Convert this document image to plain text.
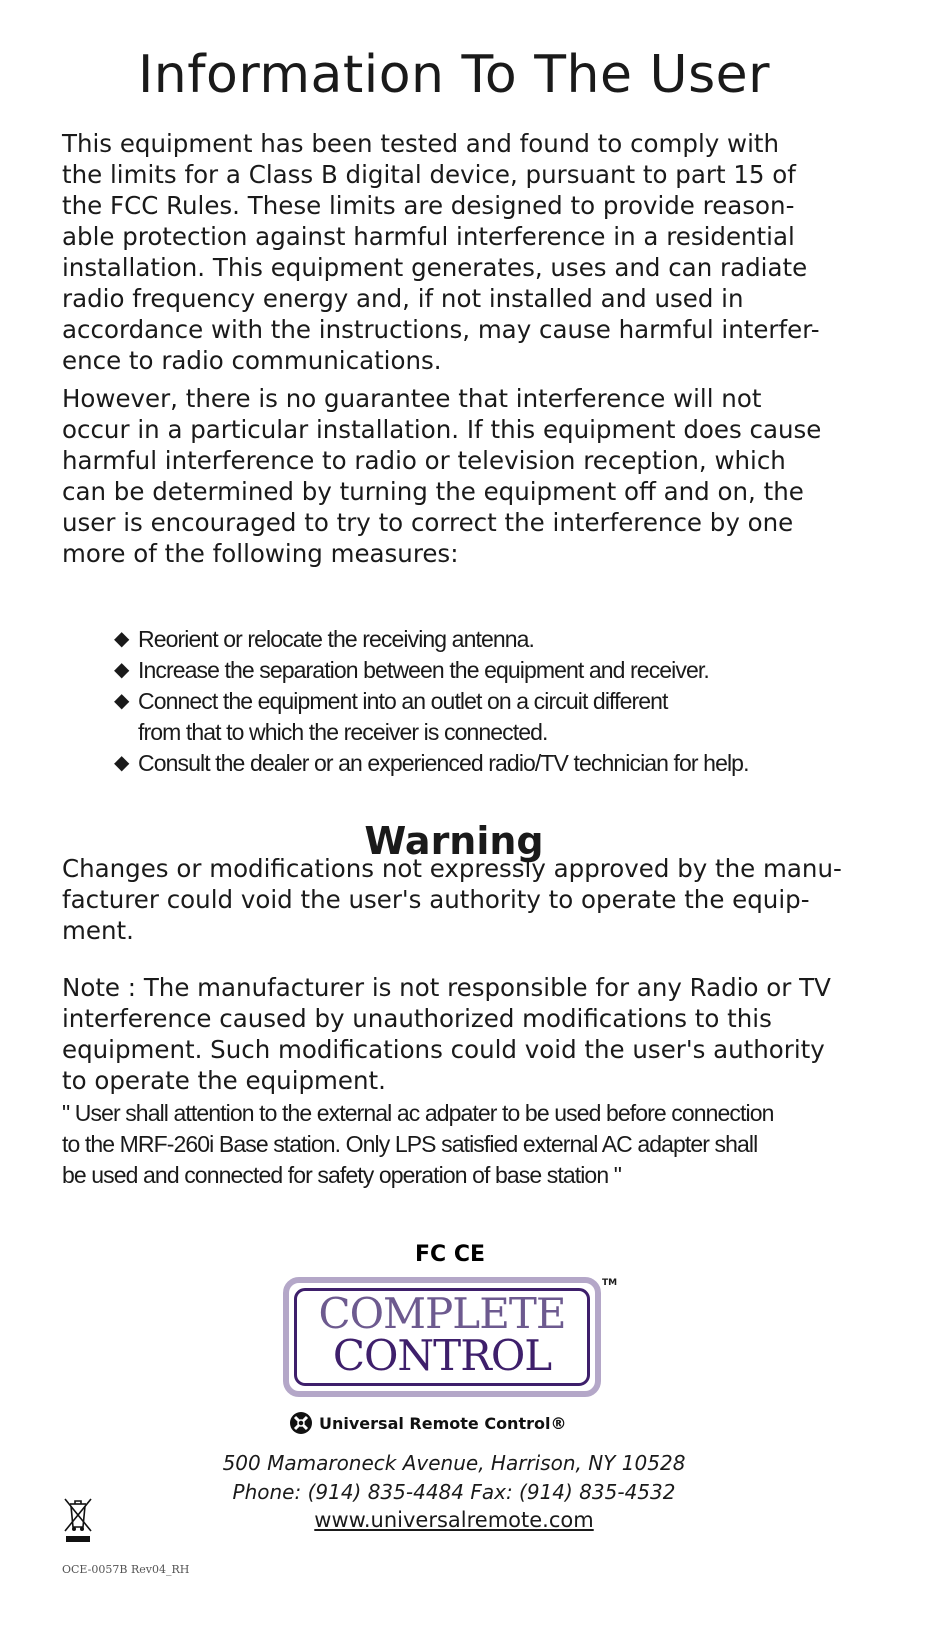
Information To The User

This equipment has been tested and found to comply with
the limits for a Class B digital device, pursuant to part 15 of
the FCC Rules. These limits are designed to provide reason-
able protection against harmful interference in a residential
installation. This equipment generates, uses and can radiate
radio frequency energy and, if not installed and used in
accordance with the instructions, may cause harmful interfer-
ence to radio communications.

However, there is no guarantee that interference will not
occur in a particular installation. If this equipment does cause
harmful interference to radio or television reception, which
can be determined by turning the equipment off and on, the
user is encouraged to try to correct the interference by one
more of the following measures:

◆ Reorient or relocate the receiving antenna.
◆ Increase the separation between the equipment and receiver.
◆ Connect the equipment into an outlet on a circuit different
from that to which the receiver is connected.
◆ Consult the dealer or an experienced radio/TV technician for help.
Warning

Changes or modifications not expressly approved by the manu-
facturer could void the user's authority to operate the equip-
ment.

Note : The manufacturer is not responsible for any Radio or TV
interference caused by unauthorized modifications to this
equipment. Such modifications could void the user's authority
to operate the equipment.

" User shall attention to the external ac adpater to be used before connection
to the MRF-260i Base station. Only LPS satisfied external AC adapter shall
be used and connected for safety operation of base station "

FC CE
COMPLETE
CONTROL
TM
Universal Remote Control®

500 Mamaroneck Avenue, Harrison, NY 10528

Phone: (914) 835-4484 Fax: (914) 835-4532

www.universalremote.com
OCE-0057B Rev04_RH
